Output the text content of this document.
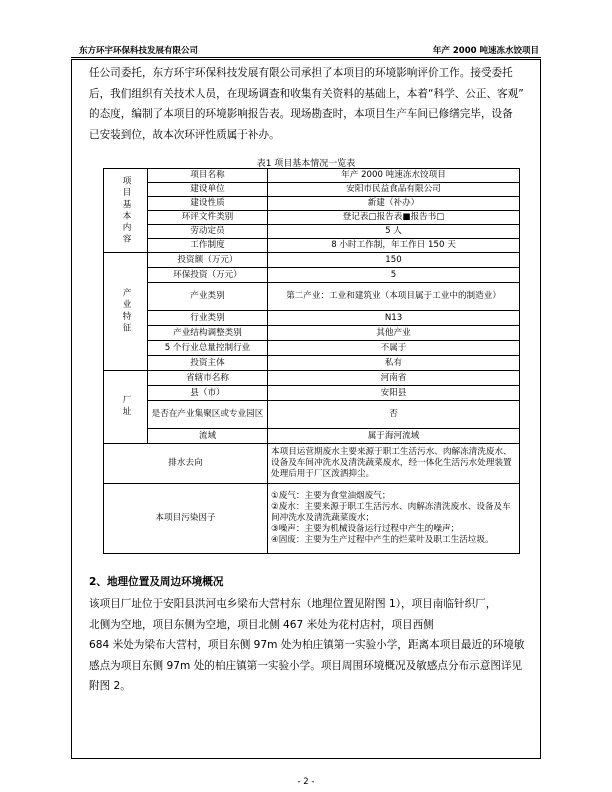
东方环宇环保科技发展有限公司	年产 2000 吨速冻水饺项目

任公司委托，东方环宇环保科技发展有限公司承担了本项目的环境影响评价工作。接受委托
后，我们组织有关技术人员，在现场调查和收集有关资料的基础上，本着“科学、公正、客观”
的态度，编制了本项目的环境影响报告表。现场勘查时，本项目生产车间已修缮完毕，设备
已安装到位，故本次环评性质属于补办。

表1 项目基本情况一览表
项目基本内容	项目名称	年产 2000 吨速冻水饺项目
	建设单位	安阳市民益食品有限公司
	建设性质	新建（补办）
	环评文件类别	登记表□报告表■报告书□
	劳动定员	5 人
	工作制度	8 小时工作制，年工作日 150 天

产业特征	投资额（万元）	150
	环保投资（万元）	5
	产业类别	第二产业：工业和建筑业（本项目属于工业中的制造业）
	行业类别	N13
	产业结构调整类别	其他产业
	5 个行业总量控制行业	不属于
	投资主体	私有

厂址	省辖市名称	河南省
	县（市）	安阳县
	是否在产业集聚区或专业园区	否
	流域	属于海河流域
排水去向		本项目运营期废水主要来源于职工生活污水、肉解冻清洗废水、设备及车间冲洗水及清洗蔬菜废水，经一体化生活污水处理装置处理后用于厂区泼洒抑尘。
本项目污染因子		①废气：主要为食堂油烟废气；
②废水：主要来源于职工生活污水、肉解冻清洗废水、设备及车间冲洗水及清洗蔬菜废水；
③噪声：主要为机械设备运行过程中产生的噪声；
④固废：主要为生产过程中产生的烂菜叶及职工生活垃圾。
2、地理位置及周边环境概况

该项目厂址位于安阳县洪河屯乡梁布大营村东（地理位置见附图 1），项目南临针织厂，
北侧为空地，项目东侧为空地，项目北侧 467 米处为花村店村，项目西侧
684 米处为梁布大营村，项目东侧 97m 处为柏庄镇第一实验小学，距离本项目最近的环境敏
感点为项目东侧 97m 处的柏庄镇第一实验小学。项目周围环境概况及敏感点分布示意图详见
附图 2。

- 2 -
